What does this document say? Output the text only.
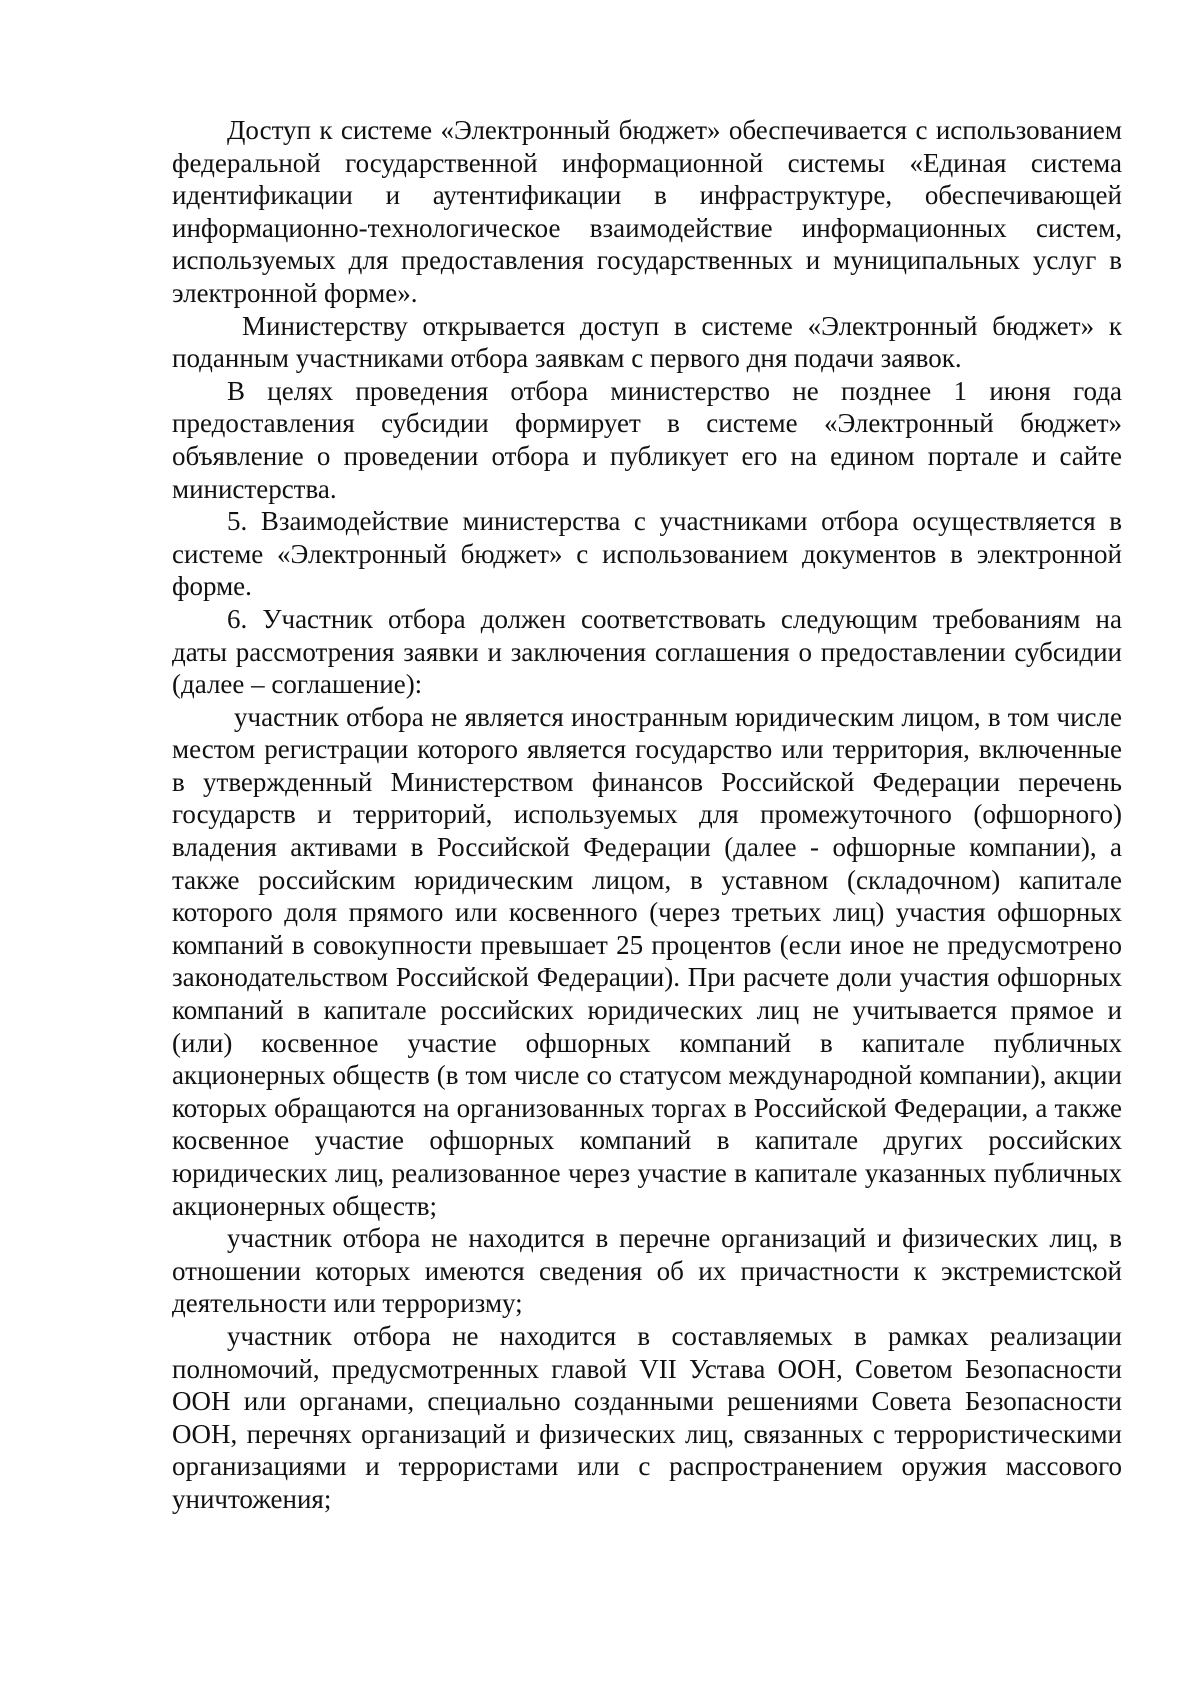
Доступ к системе «Электронный бюджет» обеспечивается с использованием федеральной государственной информационной системы «Единая система идентификации и аутентификации в инфраструктуре, обеспечивающей информационно-технологическое взаимодействие информационных систем, используемых для предоставления государственных и муниципальных услуг в электронной форме».

Министерству открывается доступ в системе «Электронный бюджет» к поданным участниками отбора заявкам с первого дня подачи заявок.

В целях проведения отбора министерство не позднее 1 июня года предоставления субсидии формирует в системе «Электронный бюджет» объявление о проведении отбора и публикует его на едином портале и сайте министерства.

5. Взаимодействие министерства с участниками отбора осуществляется в системе «Электронный бюджет» с использованием документов в электронной форме.

6. Участник отбора должен соответствовать следующим требованиям на даты рассмотрения заявки и заключения соглашения о предоставлении субсидии (далее – соглашение):

участник отбора не является иностранным юридическим лицом, в том числе местом регистрации которого является государство или территория, включенные в утвержденный Министерством финансов Российской Федерации перечень государств и территорий, используемых для промежуточного (офшорного) владения активами в Российской Федерации (далее - офшорные компании), а также российским юридическим лицом, в уставном (складочном) капитале которого доля прямого или косвенного (через третьих лиц) участия офшорных компаний в совокупности превышает 25 процентов (если иное не предусмотрено законодательством Российской Федерации). При расчете доли участия офшорных компаний в капитале российских юридических лиц не учитывается прямое и (или) косвенное участие офшорных компаний в капитале публичных акционерных обществ (в том числе со статусом международной компании), акции которых обращаются на организованных торгах в Российской Федерации, а также косвенное участие офшорных компаний в капитале других российских юридических лиц, реализованное через участие в капитале указанных публичных акционерных обществ;

участник отбора не находится в перечне организаций и физических лиц, в отношении которых имеются сведения об их причастности к экстремистской деятельности или терроризму;

участник отбора не находится в составляемых в рамках реализации полномочий, предусмотренных главой VII Устава ООН, Советом Безопасности ООН или органами, специально созданными решениями Совета Безопасности ООН, перечнях организаций и физических лиц, связанных с террористическими организациями и террористами или с распространением оружия массового уничтожения;
